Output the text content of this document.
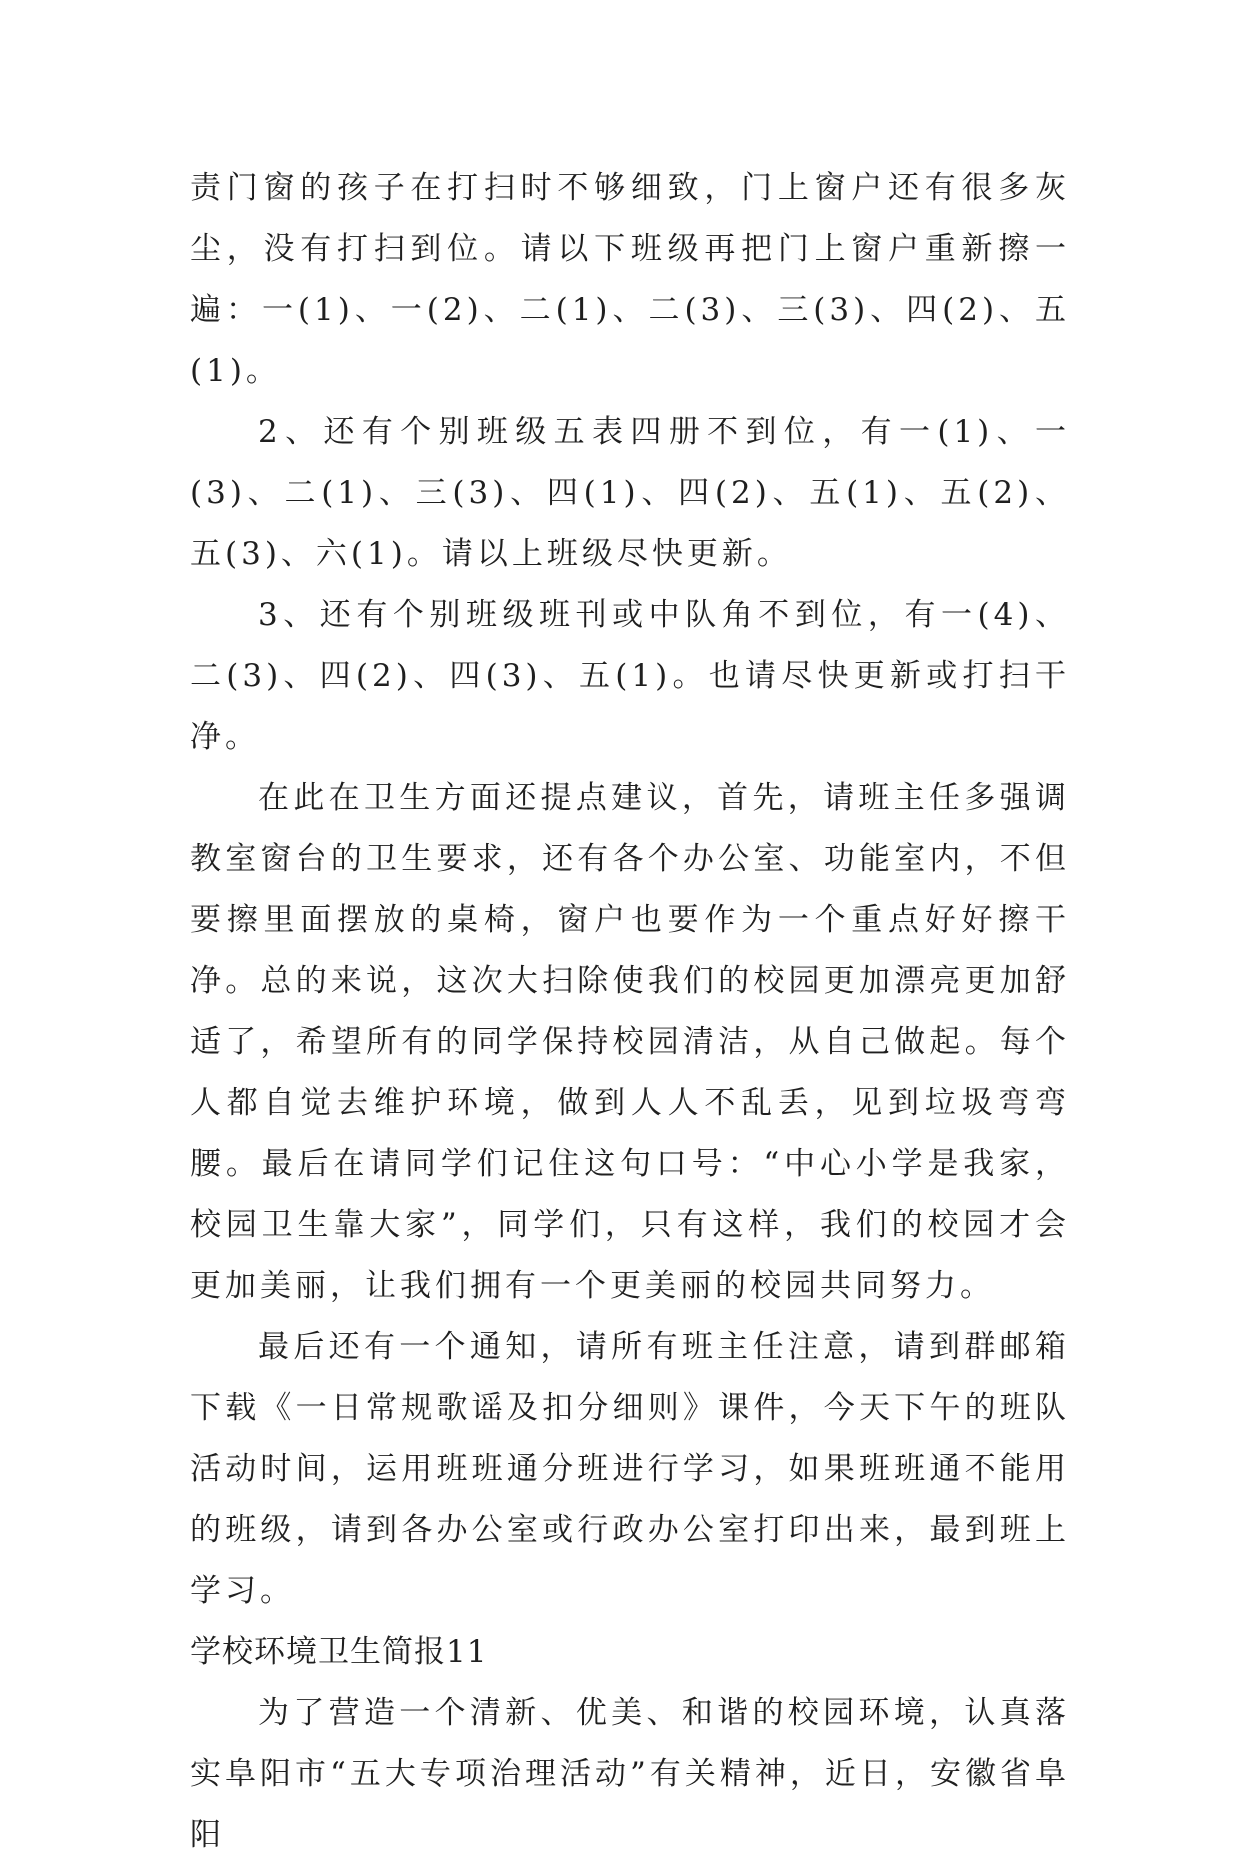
责门窗的孩子在打扫时不够细致，门上窗户还有很多灰尘，没有打扫到位。请以下班级再把门上窗户重新擦一遍：一(1)、一(2)、二(1)、二(3)、三(3)、四(2)、五(1)。

2、还有个别班级五表四册不到位，有一(1)、一(3)、二(1)、三(3)、四(1)、四(2)、五(1)、五(2)、五(3)、六(1)。请以上班级尽快更新。

3、还有个别班级班刊或中队角不到位，有一(4)、二(3)、四(2)、四(3)、五(1)。也请尽快更新或打扫干净。

在此在卫生方面还提点建议，首先，请班主任多强调教室窗台的卫生要求，还有各个办公室、功能室内，不但要擦里面摆放的桌椅，窗户也要作为一个重点好好擦干净。总的来说，这次大扫除使我们的校园更加漂亮更加舒适了，希望所有的同学保持校园清洁，从自己做起。每个人都自觉去维护环境，做到人人不乱丢，见到垃圾弯弯腰。最后在请同学们记住这句口号：“中心小学是我家，校园卫生靠大家”，同学们，只有这样，我们的校园才会更加美丽，让我们拥有一个更美丽的校园共同努力。

最后还有一个通知，请所有班主任注意，请到群邮箱下载《一日常规歌谣及扣分细则》课件，今天下午的班队活动时间，运用班班通分班进行学习，如果班班通不能用的班级，请到各办公室或行政办公室打印出来，最到班上学习。

学校环境卫生简报11

为了营造一个清新、优美、和谐的校园环境，认真落实阜阳市“五大专项治理活动”有关精神，近日，安徽省阜阳
